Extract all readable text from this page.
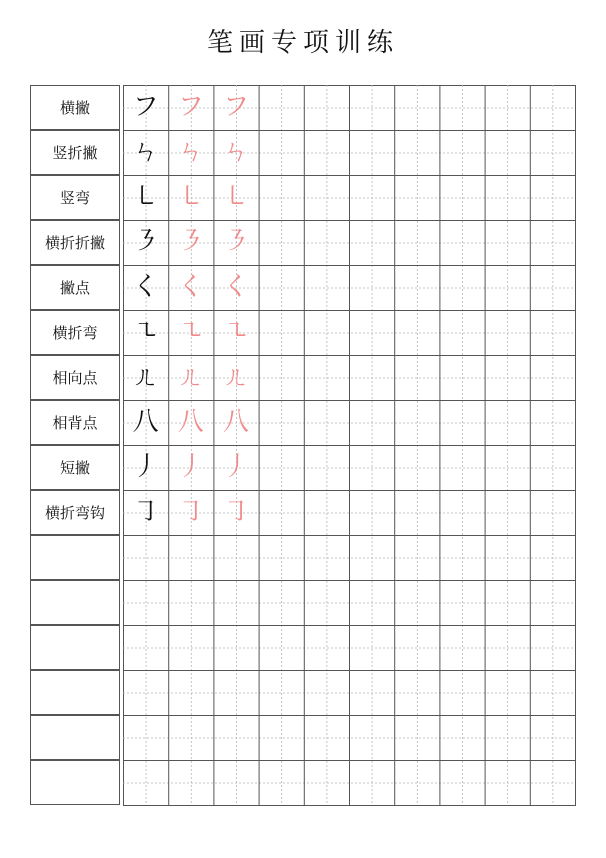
笔画专项训练
横撇
竖折撇
竖弯
横折折撇
撇点
横折弯
相向点
相背点
短撇
横折弯钩
フ フ フ
ㄣ ㄣ ㄣ
㇄ ㇄ ㇄
㇋ ㇋ ㇋
く く く
㇍ ㇍ ㇍
ㄦ ㄦ ㄦ
八 八 八
丿 丿 丿
㇆ ㇆ ㇆
